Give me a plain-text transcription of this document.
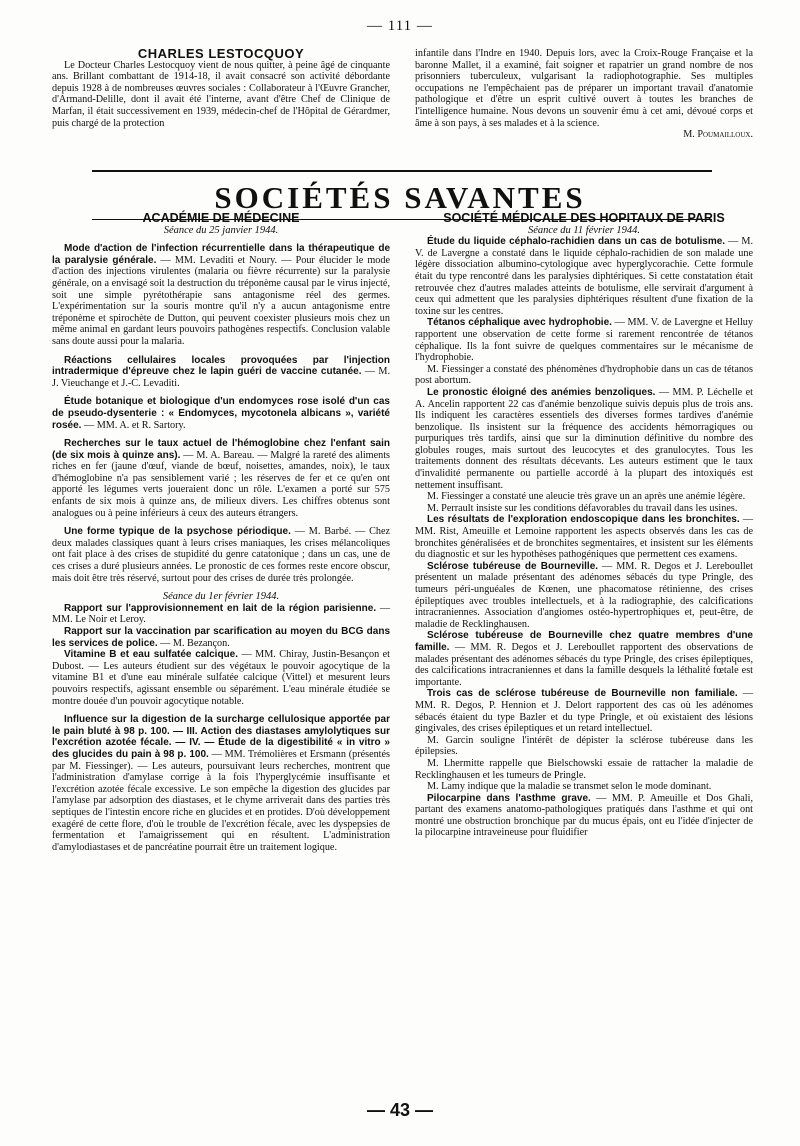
— 111 —

CHARLES LESTOCQUOY

Le Docteur Charles Lestocquoy vient de nous quitter, à peine âgé de cinquante ans. Brillant combattant de 1914-18, il avait consacré son activité débordante depuis 1928 à de nombreuses œuvres sociales : Collaborateur à l'Œuvre Grancher, d'Armand-Delille, dont il avait été l'interne, avant d'être Chef de Clinique de Marfan, il était successivement en 1939, médecin-chef de l'Hôpital de Gérardmer, puis chargé de la protection

infantile dans l'Indre en 1940. Depuis lors, avec la Croix-Rouge Française et la baronne Mallet, il a examiné, fait soigner et rapatrier un grand nombre de nos prisonniers tuberculeux, vulgarisant la radiophotographie. Ses multiples occupations ne l'empêchaient pas de préparer un important travail d'anatomie pathologique et d'être un esprit cultivé ouvert à toutes les branches de l'intelligence humaine. Nous devons un souvenir ému à cet ami, dévoué corps et âme à son pays, à ses malades et à la science.

M. Poumailloux.

SOCIÉTÉS SAVANTES

ACADÉMIE DE MÉDECINE

Séance du 25 janvier 1944.

Mode d'action de l'infection récurrentielle dans la thérapeutique de la paralysie générale. — MM. Levaditi et Noury. — Pour élucider le mode d'action des injections virulentes (malaria ou fièvre récurrente) sur la paralysie générale, on a envisagé soit la destruction du tréponème causal par le virus injecté, soit une simple pyrétothérapie sans antagonisme réel des germes. L'expérimentation sur la souris montre qu'il n'y a aucun antagonisme entre tréponème et spirochète de Dutton, qui peuvent coexister plusieurs mois chez un même animal en gardant leurs pouvoirs pathogènes respectifs. Conclusion valable sans doute aussi pour la malaria.

Réactions cellulaires locales provoquées par l'injection intradermique d'épreuve chez le lapin guéri de vaccine cutanée. — M. J. Vieuchange et J.-C. Levaditi.

Étude botanique et biologique d'un endomyces rose isolé d'un cas de pseudo-dysenterie : « Endomyces, mycotonela albicans », variété rosée. — MM. A. et R. Sartory.

Recherches sur le taux actuel de l'hémoglobine chez l'enfant sain (de six mois à quinze ans). — M. A. Bareau. — Malgré la rareté des aliments riches en fer (jaune d'œuf, viande de bœuf, noisettes, amandes, noix), le taux d'hémoglobine n'a pas sensiblement varié ; les réserves de fer et ce qu'en ont apporté les légumes verts joueraient donc un rôle. L'examen a porté sur 575 enfants de six mois à quinze ans, de milieux divers. Les chiffres obtenus sont analogues ou à peine inférieurs à ceux des auteurs étrangers.

Une forme typique de la psychose périodique. — M. Barbé. — Chez deux malades classiques quant à leurs crises maniaques, les crises mélancoliques ont fait place à des crises de stupidité du genre catatonique ; dans un cas, une de ces crises a duré plusieurs années. Le pronostic de ces formes reste encore obscur, mais doit être très réservé, surtout pour des crises de durée très prolongée.

Séance du 1er février 1944.

Rapport sur l'approvisionnement en lait de la région parisienne. — MM. Le Noir et Leroy.

Rapport sur la vaccination par scarification au moyen du BCG dans les services de police. — M. Bezançon.

Vitamine B et eau sulfatée calcique. — MM. Chiray, Justin-Besançon et Dubost. — Les auteurs étudient sur des végétaux le pouvoir agocytique de la vitamine B1 et d'une eau minérale sulfatée calcique (Vittel) et mesurent leurs pouvoirs respectifs, agissant ensemble ou séparément. L'eau minérale étudiée se montre douée d'un pouvoir agocytique notable.

Influence sur la digestion de la surcharge cellulosique apportée par le pain bluté à 98 p. 100. — III. Action des diastases amylolytiques sur l'excrétion azotée fécale. — IV. — Étude de la digestibilité « in vitro » des glucides du pain à 98 p. 100. — MM. Trémolières et Ersmann (présentés par M. Fiessinger). — Les auteurs, poursuivant leurs recherches, montrent que l'administration d'amylase corrige à la fois l'hyperglycémie insuffisante et l'excrétion azotée fécale excessive. Le son empêche la digestion des glucides par l'amylase par adsorption des diastases, et le chyme arriverait dans des parties très septiques de l'intestin encore riche en glucides et en protides. D'où développement exagéré de cette flore, d'où le trouble de l'excrétion fécale, avec les dyspepsies de fermentation et l'amaigrissement qui en résultent. L'administration d'amylodiastases et de pancréatine pourrait être un traitement logique.

SOCIÉTÉ MÉDICALE DES HOPITAUX DE PARIS

Séance du 11 février 1944.

Étude du liquide céphalo-rachidien dans un cas de botulisme. — M. V. de Lavergne a constaté dans le liquide céphalo-rachidien de son malade une légère dissociation albumino-cytologique avec hyperglycorachie. Cette formule était du type rencontré dans les paralysies diphtériques. Si cette constatation était retrouvée chez d'autres malades atteints de botulisme, elle servirait d'argument à ceux qui admettent que les paralysies diphtériques résultent d'une fixation de la toxine sur les centres.

Tétanos céphalique avec hydrophobie. — MM. V. de Lavergne et Helluy rapportent une observation de cette forme si rarement rencontrée de tétanos céphalique. Ils la font suivre de quelques commentaires sur le mécanisme de l'hydrophobie.

M. Fiessinger a constaté des phénomènes d'hydrophobie dans un cas de tétanos post abortum.

Le pronostic éloigné des anémies benzoliques. — MM. P. Léchelle et A. Ancelin rapportent 22 cas d'anémie benzolique suivis depuis plus de trois ans. Ils indiquent les caractères essentiels des diverses formes tardives d'anémie benzolique. Ils insistent sur la fréquence des accidents hémorragiques ou purpuriques très tardifs, ainsi que sur la diminution définitive du nombre des globules rouges, mais surtout des leucocytes et des granulocytes. Tous les traitements donnent des résultats décevants. Les auteurs estiment que le taux d'invalidité permanente ou partielle accordé à la plupart des intoxiqués est nettement insuffisant.

M. Fiessinger a constaté une aleucie très grave un an après une anémie légère.

M. Perrault insiste sur les conditions défavorables du travail dans les usines.

Les résultats de l'exploration endoscopique dans les bronchites. — MM. Rist, Ameuille et Lemoine rapportent les aspects observés dans les cas de bronchites généralisées et de bronchites segmentaires, et insistent sur les éléments du diagnostic et sur les hypothèses pathogéniques que permettent ces examens.

Sclérose tubéreuse de Bourneville. — MM. R. Degos et J. Lereboullet présentent un malade présentant des adénomes sébacés du type Pringle, des tumeurs péri-unguéales de Kœnen, une phacomatose rétinienne, des crises épileptiques avec troubles intellectuels, et à la radiographie, des calcifications intracraniennes. Association d'angiomes ostéo-hypertrophiques et, peut-être, de maladie de Recklinghausen.

Sclérose tubéreuse de Bourneville chez quatre membres d'une famille. — MM. R. Degos et J. Lereboullet rapportent des observations de malades présentant des adénomes sébacés du type Pringle, des crises épileptiques, des calcifications intracraniennes et dans la famille desquels la léthalité fœtale est importante.

Trois cas de sclérose tubéreuse de Bourneville non familiale. — MM. R. Degos, P. Hennion et J. Delort rapportent des cas où les adénomes sébacés étaient du type Bazler et du type Pringle, et où existaient des lésions gingivales, des crises épileptiques et un retard intellectuel.

M. Garcin souligne l'intérêt de dépister la sclérose tubéreuse dans les épilepsies.

M. Lhermitte rappelle que Bielschowski essaie de rattacher la maladie de Recklinghausen et les tumeurs de Pringle.

M. Lamy indique que la maladie se transmet selon le mode dominant.

Pilocarpine dans l'asthme grave. — MM. P. Ameuille et Dos Ghali, partant des examens anatomo-pathologiques pratiqués dans l'asthme et qui ont montré une obstruction bronchique par du mucus épais, ont eu l'idée d'injecter de la pilocarpine intraveineuse pour fluidifier

— 43 —
